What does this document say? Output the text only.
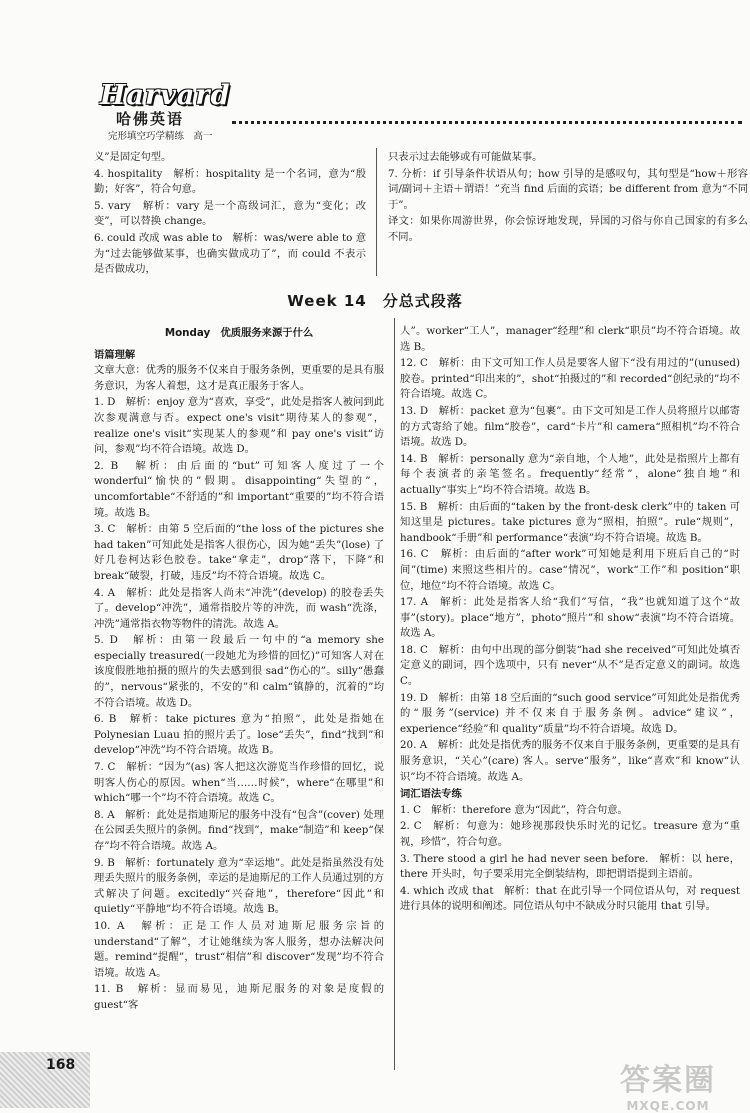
Harvard
哈佛英语
完形填空巧学精练　高一

义”是固定句型。

4. hospitality　解析：hospitality 是一个名词，意为“殷勤；好客”，符合句意。

5. vary　解析：vary 是一个高级词汇，意为“变化；改变”，可以替换 change。

6. could 改成 was able to　解析：was/were able to 意为“过去能够做某事，也确实做成功了”，而 could 不表示是否做成功，

只表示过去能够或有可能做某事。

7. 分析：if 引导条件状语从句；how 引导的是感叹句，其句型是“how＋形容词/副词＋主语＋谓语！”充当 find 后面的宾语；be different from 意为“不同于”。

译文：如果你周游世界，你会惊讶地发现，异国的习俗与你自己国家的有多么不同。

Week 14　分总式段落

Monday　优质服务来源于什么

语篇理解

文章大意：优秀的服务不仅来自于服务条例，更重要的是具有服务意识，为客人着想，这才是真正服务于客人。

1. D　解析：enjoy 意为“喜欢，享受”，此处是指客人被问到此次参观满意与否。expect one's visit“期待某人的参观”，realize one's visit“实现某人的参观”和 pay one's visit“访问，参观”均不符合语境。故选 D。

2. B　解析：由后面的“but”可知客人度过了一个 wonderful“愉快的”假期。disappointing“失望的”，uncomfortable“不舒适的”和 important“重要的”均不符合语境。故选 B。

3. C　解析：由第 5 空后面的“the loss of the pictures she had taken”可知此处是指客人很伤心，因为她“丢失”(lose) 了好几卷柯达彩色胶卷。take“拿走”，drop“落下，下降”和 break“破裂，打破，违反”均不符合语境。故选 C。

4. A　解析：此处是指客人尚未“冲洗”(develop) 的胶卷丢失了。develop“冲洗”，通常指胶片等的冲洗，而 wash“洗涤，冲洗”通常指衣物等物件的清洗。故选 A。

5. D　解析：由第一段最后一句中的“a memory she especially treasured(一段她尤为珍惜的回忆)”可知客人对在该度假胜地拍摄的照片的失去感到很 sad“伤心的”。silly“愚蠢的”，nervous“紧张的，不安的”和 calm“镇静的，沉着的”均不符合语境。故选 D。

6. B　解析：take pictures 意为“拍照”，此处是指她在 Polynesian Luau 拍的照片丢了。lose“丢失”，find“找到”和 develop“冲洗”均不符合语境。故选 B。

7. C　解析：“因为”(as) 客人把这次游览当作珍惜的回忆，说明客人伤心的原因。when“当……时候”，where“在哪里”和 which“哪一个”均不符合语境。故选 C。

8. A　解析：此处是指迪斯尼的服务中没有“包含”(cover) 处理在公园丢失照片的条例。find“找到”，make“制造”和 keep“保存”均不符合语境。故选 A。

9. B　解析：fortunately 意为“幸运地”。此处是指虽然没有处理丢失照片的服务条例，幸运的是迪斯尼的工作人员通过别的方式解决了问题。excitedly“兴奋地”，therefore“因此”和 quietly“平静地”均不符合语境。故选 B。

10. A　解析：正是工作人员对迪斯尼服务宗旨的 understand“了解”，才让她继续为客人服务，想办法解决问题。remind“提醒”，trust“相信”和 discover“发现”均不符合语境。故选 A。

11. B　解析：显而易见，迪斯尼服务的对象是度假的 guest“客

人”。worker“工人”，manager“经理”和 clerk“职员”均不符合语境。故选 B。

12. C　解析：由下文可知工作人员是要客人留下“没有用过的”(unused) 胶卷。printed“印出来的”，shot“拍摄过的”和 recorded“创纪录的”均不符合语境。故选 C。

13. D　解析：packet 意为“包裹”。由下文可知是工作人员将照片以邮寄的方式寄给了她。film“胶卷”，card“卡片”和 camera“照相机”均不符合语境。故选 D。

14. B　解析：personally 意为“亲自地，个人地”，此处是指照片上都有每个表演者的亲笔签名。frequently“经常”，alone“独自地”和 actually“事实上”均不符合语境。故选 B。

15. B　解析：由后面的“taken by the front-desk clerk”中的 taken 可知这里是 pictures。take pictures 意为“照相，拍照”。rule“规则”，handbook“手册”和 performance“表演”均不符合语境。故选 B。

16. C　解析：由后面的“after work”可知她是利用下班后自己的“时间”(time) 来照这些相片的。case“情况”，work“工作”和 position“职位，地位”均不符合语境。故选 C。

17. A　解析：此处是指客人给“我们”写信，“我”也就知道了这个“故事”(story)。place“地方”，photo“照片”和 show“表演”均不符合语境。故选 A。

18. C　解析：由句中出现的部分倒装“had she received”可知此处填否定意义的副词，四个选项中，只有 never“从不”是否定意义的副词。故选 C。

19. D　解析：由第 18 空后面的“such good service”可知此处是指优秀的“服务”(service) 并不仅来自于服务条例。advice“建议”，experience“经验”和 quality“质量”均不符合语境。故选 D。

20. A　解析：此处是指优秀的服务不仅来自于服务条例，更重要的是具有服务意识，“关心”(care) 客人。serve“服务”，like“喜欢”和 know“认识”均不符合语境。故选 A。

词汇语法专练

1. C　解析：therefore 意为“因此”，符合句意。

2. C　解析：句意为：她珍视那段快乐时光的记忆。treasure 意为“重视，珍惜”，符合句意。

3. There stood a girl he had never seen before.　解析：以 here，there 开头时，句子要采用完全倒装结构，即把谓语提到主语前。

4. which 改成 that　解析：that 在此引导一个同位语从句，对 request 进行具体的说明和阐述。同位语从句中不缺成分时只能用 that 引导。

168	答案圈
MXQE.COM
